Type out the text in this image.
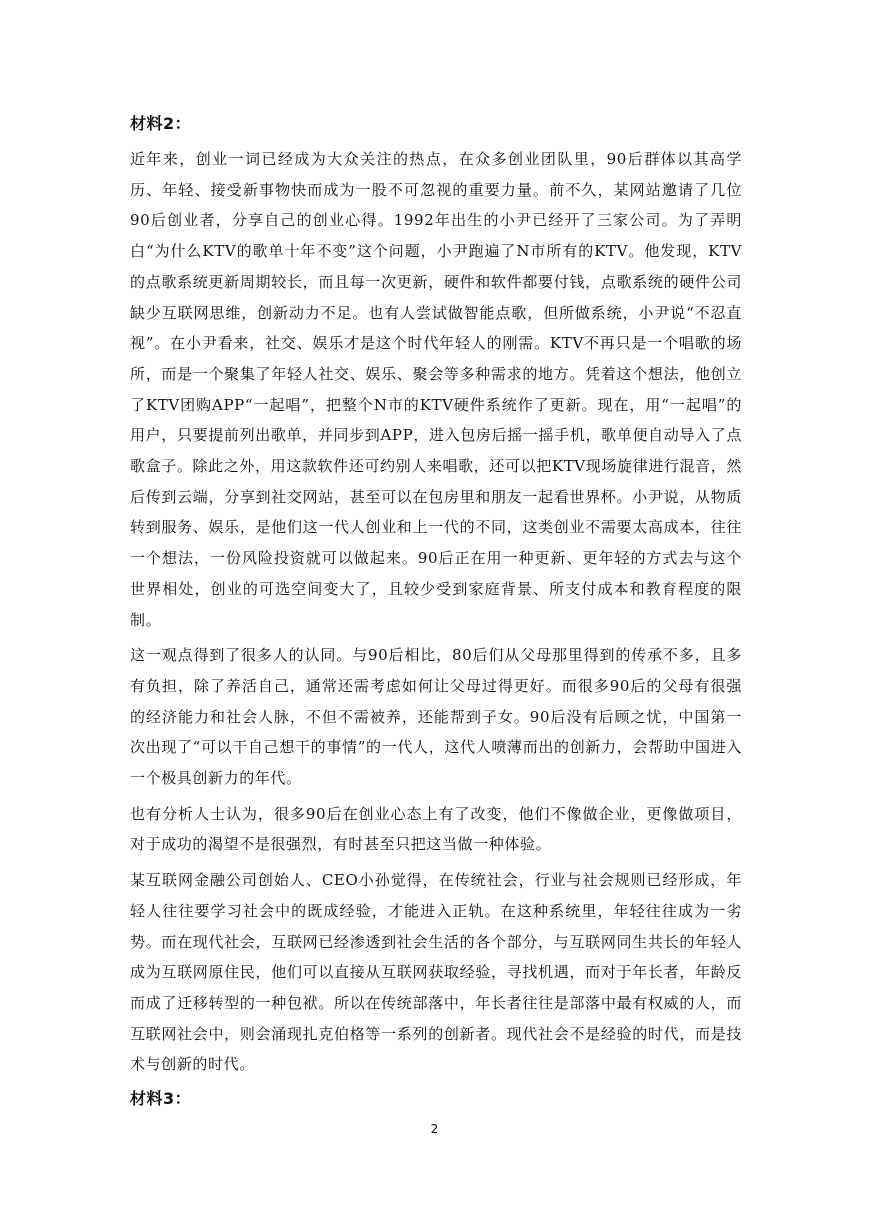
材料2：

近年来，创业一词已经成为大众关注的热点，在众多创业团队里，90后群体以其高学历、年轻、接受新事物快而成为一股不可忽视的重要力量。前不久，某网站邀请了几位90后创业者，分享自己的创业心得。1992年出生的小尹已经开了三家公司。为了弄明白“为什么KTV的歌单十年不变”这个问题，小尹跑遍了N市所有的KTV。他发现，KTV的点歌系统更新周期较长，而且每一次更新，硬件和软件都要付钱，点歌系统的硬件公司缺少互联网思维，创新动力不足。也有人尝试做智能点歌，但所做系统，小尹说“不忍直视”。在小尹看来，社交、娱乐才是这个时代年轻人的刚需。KTV不再只是一个唱歌的场所，而是一个聚集了年轻人社交、娱乐、聚会等多种需求的地方。凭着这个想法，他创立了KTV团购APP“一起唱”，把整个N市的KTV硬件系统作了更新。现在，用“一起唱”的用户，只要提前列出歌单，并同步到APP，进入包房后摇一摇手机，歌单便自动导入了点歌盒子。除此之外，用这款软件还可约别人来唱歌，还可以把KTV现场旋律进行混音，然后传到云端，分享到社交网站，甚至可以在包房里和朋友一起看世界杯。小尹说，从物质转到服务、娱乐，是他们这一代人创业和上一代的不同，这类创业不需要太高成本，往往一个想法，一份风险投资就可以做起来。90后正在用一种更新、更年轻的方式去与这个世界相处，创业的可选空间变大了，且较少受到家庭背景、所支付成本和教育程度的限制。

这一观点得到了很多人的认同。与90后相比，80后们从父母那里得到的传承不多，且多有负担，除了养活自己，通常还需考虑如何让父母过得更好。而很多90后的父母有很强的经济能力和社会人脉，不但不需被养，还能帮到子女。90后没有后顾之忧，中国第一次出现了“可以干自己想干的事情”的一代人，这代人喷薄而出的创新力，会帮助中国进入一个极具创新力的年代。

也有分析人士认为，很多90后在创业心态上有了改变，他们不像做企业，更像做项目，对于成功的渴望不是很强烈，有时甚至只把这当做一种体验。

某互联网金融公司创始人、CEO小孙觉得，在传统社会，行业与社会规则已经形成，年轻人往往要学习社会中的既成经验，才能进入正轨。在这种系统里，年轻往往成为一劣势。而在现代社会，互联网已经渗透到社会生活的各个部分，与互联网同生共长的年轻人成为互联网原住民，他们可以直接从互联网获取经验，寻找机遇，而对于年长者，年龄反而成了迁移转型的一种包袱。所以在传统部落中，年长者往往是部落中最有权威的人，而互联网社会中，则会涌现扎克伯格等一系列的创新者。现代社会不是经验的时代，而是技术与创新的时代。

材料3：
2
